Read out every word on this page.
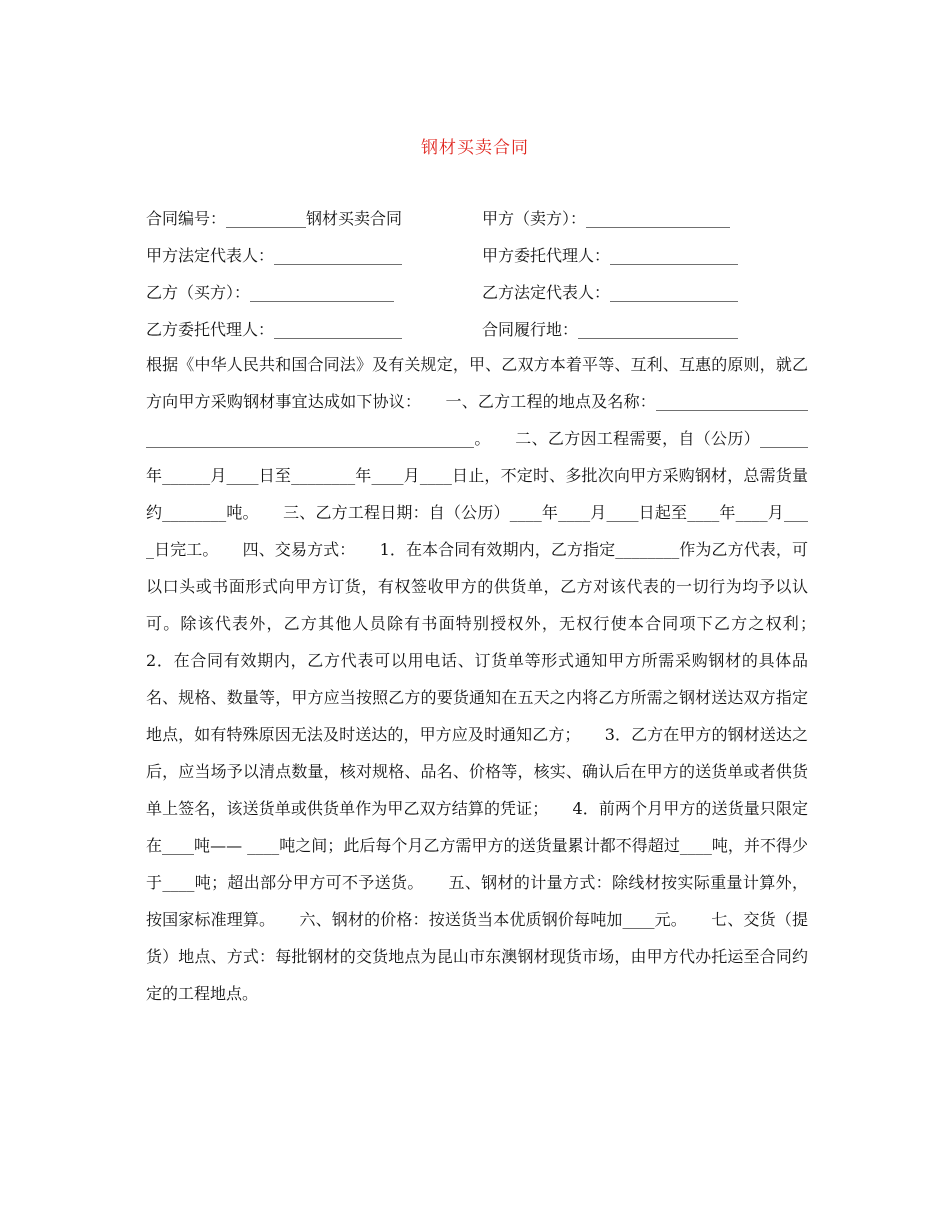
钢材买卖合同
合同编号：__________钢材买卖合同	甲方（卖方）：__________________
甲方法定代表人：________________	甲方委托代理人：________________
乙方（买方）：__________________	乙方法定代表人：________________
乙方委托代理人：________________	合同履行地：____________________
根据《中华人民共和国合同法》及有关规定，甲、乙双方本着平等、互利、互惠的原则，就乙方向甲方采购钢材事宜达成如下协议：　　一、乙方工程的地点及名称：____________________________________________________________。　　二、乙方因工程需要，自（公历）______年______月____日至________年____月____日止，不定时、多批次向甲方采购钢材，总需货量约________吨。　　三、乙方工程日期：自（公历）____年____月____日起至____年____月____日完工。　　四、交易方式：　　1．在本合同有效期内，乙方指定________作为乙方代表，可以口头或书面形式向甲方订货，有权签收甲方的供货单，乙方对该代表的一切行为均予以认可。除该代表外，乙方其他人员除有书面特别授权外，无权行使本合同项下乙方之权利；　　2．在合同有效期内，乙方代表可以用电话、订货单等形式通知甲方所需采购钢材的具体品名、规格、数量等，甲方应当按照乙方的要货通知在五天之内将乙方所需之钢材送达双方指定地点，如有特殊原因无法及时送达的，甲方应及时通知乙方；　　3．乙方在甲方的钢材送达之后，应当场予以清点数量，核对规格、品名、价格等，核实、确认后在甲方的送货单或者供货单上签名，该送货单或供货单作为甲乙双方结算的凭证；　　4．前两个月甲方的送货量只限定在____吨—— ____吨之间；此后每个月乙方需甲方的送货量累计都不得超过____吨，并不得少于____吨；超出部分甲方可不予送货。　　五、钢材的计量方式：除线材按实际重量计算外，按国家标准理算。　　六、钢材的价格：按送货当本优质钢价每吨加____元。　　七、交货（提货）地点、方式：每批钢材的交货地点为昆山市东澳钢材现货市场，由甲方代办托运至合同约定的工程地点。
